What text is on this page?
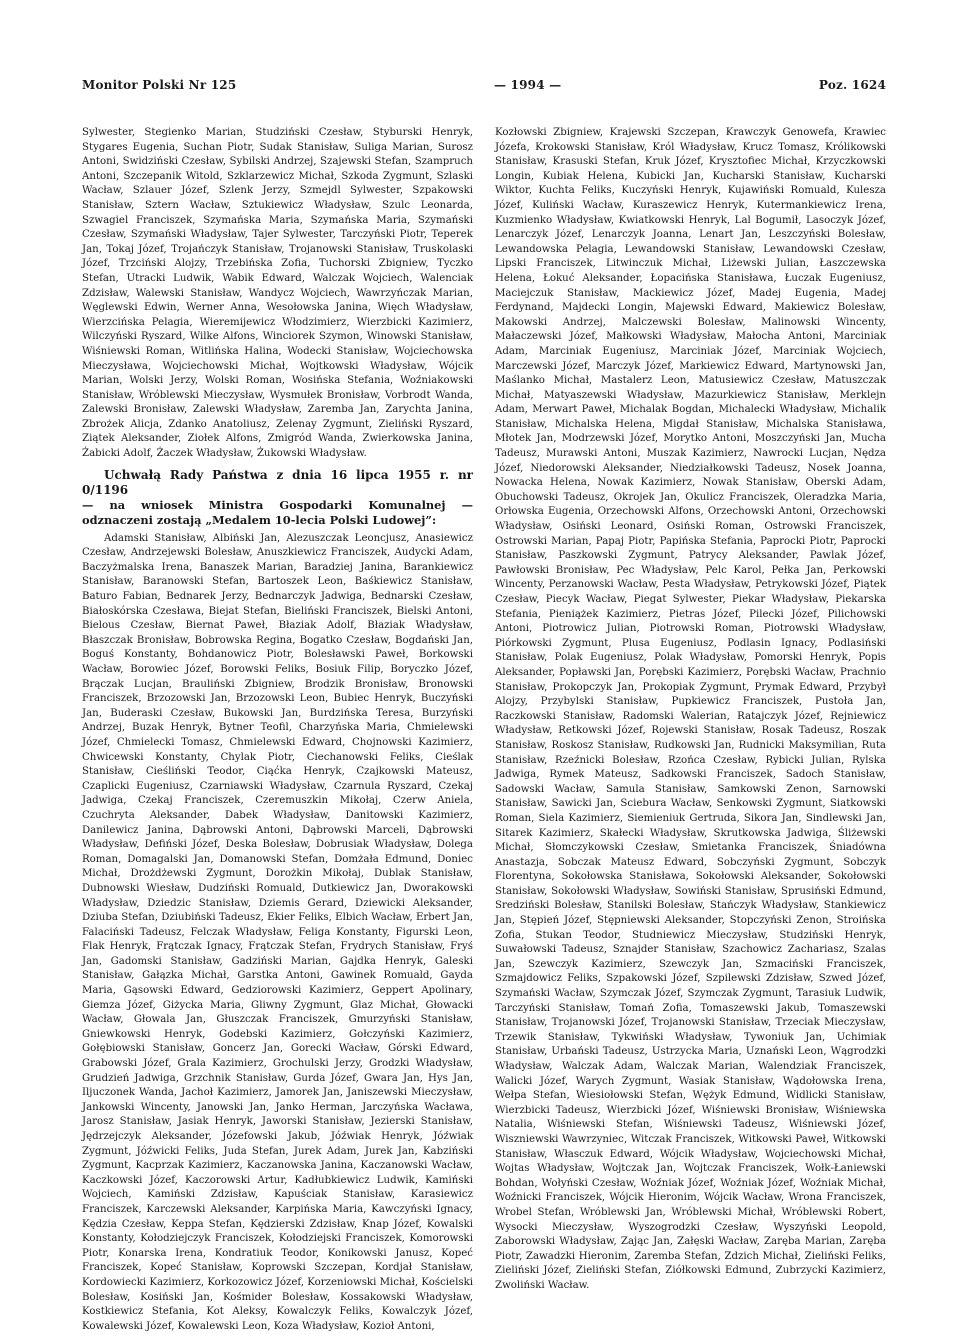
Monitor Polski Nr 125	— 1994 —	Poz. 1624

Sylwester, Stegienko Marian, Studziński Czesław, Styburski Henryk, Stygares Eugenia, Suchan Piotr, Sudak Stanisław, Suliga Marian, Surosz Antoni, Swidziński Czesław, Sybilski Andrzej, Szajewski Stefan, Szampruch Antoni, Szczepanik Witold, Szklarzewicz Michał, Szkoda Zygmunt, Szlaski Wacław, Szlauer Józef, Szlenk Jerzy, Szmejdl Sylwester, Szpakowski Stanisław, Sztern Wacław, Sztukiewicz Władysław, Szulc Leonarda, Szwagiel Franciszek, Szymańska Maria, Szymańska Maria, Szymański Czesław, Szymański Władysław, Tajer Sylwester, Tarczyński Piotr, Teperek Jan, Tokaj Józef, Trojańczyk Stanisław, Trojanowski Stanisław, Truskolaski Józef, Trzciński Alojzy, Trzebińska Zofia, Tuchorski Zbigniew, Tyczko Stefan, Utracki Ludwik, Wabik Edward, Walczak Wojciech, Walenciak Zdzisław, Walewski Stanisław, Wandycz Wojciech, Wawrzyńczak Marian, Węglewski Edwin, Werner Anna, Wesołowska Janina, Więch Władysław, Wierzcińska Pelagia, Wieremijewicz Włodzimierz, Wierzbicki Kazimierz, Wilczyński Ryszard, Wilke Alfons, Winciorek Szymon, Winowski Stanisław, Wiśniewski Roman, Witlińska Halina, Wodecki Stanisław, Wojciechowska Mieczysława, Wojciechowski Michał, Wojtkowski Władysław, Wójcik Marian, Wolski Jerzy, Wolski Roman, Wosińska Stefania, Woźniakowski Stanisław, Wróblewski Mieczysław, Wysmułek Bronisław, Vorbrodt Wanda, Zalewski Bronisław, Zalewski Władysław, Zaremba Jan, Zarychta Janina, Zbrożek Alicja, Zdanko Anatoliusz, Zelenay Zygmunt, Zieliński Ryszard, Ziątek Aleksander, Ziołek Alfons, Zmigród Wanda, Zwierkowska Janina, Żabicki Adolf, Żaczek Władysław, Żukowski Władysław.

Uchwałą Rady Państwa z dnia 16 lipca 1955 r. nr 0/1196
— na wniosek Ministra Gospodarki Komunalnej — odznaczeni zostają „Medalem 10-lecia Polski Ludowej”:

Adamski Stanisław, Albiński Jan, Alezuszczak Leoncjusz, Anasiewicz Czesław, Andrzejewski Bolesław, Anuszkiewicz Franciszek, Audycki Adam, Baczyżmalska Irena, Banaszek Marian, Baradziej Janina, Barankiewicz Stanisław, Baranowski Stefan, Bartoszek Leon, Baśkiewicz Stanisław, Baturo Fabian, Bednarek Jerzy, Bednarczyk Jadwiga, Bednarski Czesław, Białoskórska Czesława, Biejat Stefan, Bieliński Franciszek, Bielski Antoni, Bielous Czesław, Biernat Paweł, Błaziak Adolf, Błaziak Władysław, Błaszczak Bronisław, Bobrowska Regina, Bogatko Czesław, Bogdański Jan, Boguś Konstanty, Bohdanowicz Piotr, Bolesławski Paweł, Borkowski Wacław, Borowiec Józef, Borowski Feliks, Bosiuk Filip, Boryczko Józef, Brączak Lucjan, Brauliński Zbigniew, Brodzik Bronisław, Bronowski Franciszek, Brzozowski Jan, Brzozowski Leon, Bubiec Henryk, Buczyński Jan, Buderaski Czesław, Bukowski Jan, Burdzińska Teresa, Burzyński Andrzej, Buzak Henryk, Bytner Teofil, Charzyńska Maria, Chmielewski Józef, Chmielecki Tomasz, Chmielewski Edward, Chojnowski Kazimierz, Chwicewski Konstanty, Chylak Piotr, Ciechanowski Feliks, Cieślak Stanisław, Cieśliński Teodor, Ciąćka Henryk, Czajkowski Mateusz, Czaplicki Eugeniusz, Czarniawski Władysław, Czarnula Ryszard, Czekaj Jadwiga, Czekaj Franciszek, Czeremuszkin Mikołaj, Czerw Aniela, Czuchryta Aleksander, Dabek Władysław, Danitowski Kazimierz, Danilewicz Janina, Dąbrowski Antoni, Dąbrowski Marceli, Dąbrowski Władysław, Defiński Józef, Deska Bolesław, Dobrusiak Władysław, Dolega Roman, Domagalski Jan, Domanowski Stefan, Domżała Edmund, Doniec Michał, Drożdżewski Zygmunt, Dorożkin Mikołaj, Dublak Stanisław, Dubnowski Wiesław, Dudziński Romuald, Dutkiewicz Jan, Dworakowski Władysław, Dziedzic Stanisław, Dziemis Gerard, Dziewicki Aleksander, Dziuba Stefan, Dziubiński Tadeusz, Ekier Feliks, Elbich Wacław, Erbert Jan, Falaciński Tadeusz, Felczak Władysław, Feliga Konstanty, Figurski Leon, Flak Henryk, Frątczak Ignacy, Frątczak Stefan, Frydrych Stanisław, Fryś Jan, Gadomski Stanisław, Gadziński Marian, Gajdka Henryk, Galeski Stanisław, Gałązka Michał, Garstka Antoni, Gawinek Romuald, Gayda Maria, Gąsowski Edward, Gedziorowski Kazimierz, Geppert Apolinary, Giemza Józef, Giżycka Maria, Gliwny Zygmunt, Glaz Michał, Głowacki Wacław, Głowala Jan, Głuszczak Franciszek, Gmurzyński Stanisław, Gniewkowski Henryk, Godebski Kazimierz, Gołczyński Kazimierz, Gołębiowski Stanisław, Goncerz Jan, Gorecki Wacław, Górski Edward, Grabowski Józef, Grala Kazimierz, Grochulski Jerzy, Grodzki Władysław, Grudzień Jadwiga, Grzchnik Stanisław, Gurda Józef, Gwara Jan, Hys Jan, Iljuczonek Wanda, Jachoł Kazimierz, Jamorek Jan, Janiszewski Mieczysław, Jankowski Wincenty, Janowski Jan, Janko Herman, Jarczyńska Wacława, Jarosz Stanisław, Jasiak Henryk, Jaworski Stanisław, Jezierski Stanisław, Jędrzejczyk Aleksander, Józefowski Jakub, Jóźwiak Henryk, Jóźwiak Zygmunt, Jóźwicki Feliks, Juda Stefan, Jurek Adam, Jurek Jan, Kabziński Zygmunt, Kacprzak Kazimierz, Kaczanowska Janina, Kaczanowski Wacław, Kaczkowski Józef, Kaczorowski Artur, Kadłubkiewicz Ludwik, Kamiński Wojciech, Kamiński Zdzisław, Kapuściak Stanisław, Karasiewicz Franciszek, Karczewski Aleksander, Karpińska Maria, Kawczyński Ignacy, Kędzia Czesław, Keppa Stefan, Kędzierski Zdzisław, Knap Józef, Kowalski Konstanty, Kołodziejczyk Franciszek, Kołodziejski Franciszek, Komorowski Piotr, Konarska Irena, Kondratiuk Teodor, Konikowski Janusz, Kopeć Franciszek, Kopeć Stanisław, Koprowski Szczepan, Kordjał Stanisław, Kordowiecki Kazimierz, Korkozowicz Józef, Korzeniowski Michał, Kościelski Bolesław, Kosiński Jan, Kośmider Bolesław, Kossakowski Władysław, Kostkiewicz Stefania, Kot Aleksy, Kowalczyk Feliks, Kowalczyk Józef, Kowalewski Józef, Kowalewski Leon, Koza Władysław, Kozioł Antoni,

Kozłowski Zbigniew, Krajewski Szczepan, Krawczyk Genowefa, Krawiec Józefa, Krokowski Stanisław, Król Władysław, Krucz Tomasz, Królikowski Stanisław, Krasuski Stefan, Kruk Józef, Krysztofiec Michał, Krzyczkowski Longin, Kubiak Helena, Kubicki Jan, Kucharski Stanisław, Kucharski Wiktor, Kuchta Feliks, Kuczyński Henryk, Kujawiński Romuald, Kulesza Józef, Kuliński Wacław, Kuraszewicz Henryk, Kutermankiewicz Irena, Kuzmienko Władysław, Kwiatkowski Henryk, Lal Bogumił, Lasoczyk Józef, Lenarczyk Józef, Lenarczyk Joanna, Lenart Jan, Leszczyński Bolesław, Lewandowska Pelagia, Lewandowski Stanisław, Lewandowski Czesław, Lipski Franciszek, Litwinczuk Michał, Liżewski Julian, Łaszczewska Helena, Łokuć Aleksander, Łopacińska Stanisława, Łuczak Eugeniusz, Maciejczuk Stanisław, Mackiewicz Józef, Madej Eugenia, Madej Ferdynand, Majdecki Longin, Majewski Edward, Makiewicz Bolesław, Makowski Andrzej, Malczewski Bolesław, Malinowski Wincenty, Małaczewski Józef, Małkowski Władysław, Małocha Antoni, Marciniak Adam, Marciniak Eugeniusz, Marciniak Józef, Marciniak Wojciech, Marczewski Józef, Marczyk Józef, Markiewicz Edward, Martynowski Jan, Maślanko Michał, Mastalerz Leon, Matusiewicz Czesław, Matuszczak Michał, Matyaszewski Władysław, Mazurkiewicz Stanisław, Merklejn Adam, Merwart Paweł, Michalak Bogdan, Michalecki Władysław, Michalik Stanisław, Michalska Helena, Migdał Stanisław, Michalska Stanisława, Młotek Jan, Modrzewski Józef, Morytko Antoni, Moszczyński Jan, Mucha Tadeusz, Murawski Antoni, Muszak Kazimierz, Nawrocki Lucjan, Nędza Józef, Niedorowski Aleksander, Niedziałkowski Tadeusz, Nosek Joanna, Nowacka Helena, Nowak Kazimierz, Nowak Stanisław, Oberski Adam, Obuchowski Tadeusz, Okrojek Jan, Okulicz Franciszek, Oleradzka Maria, Orłowska Eugenia, Orzechowski Alfons, Orzechowski Antoni, Orzechowski Władysław, Osiński Leonard, Osiński Roman, Ostrowski Franciszek, Ostrowski Marian, Papaj Piotr, Papińska Stefania, Paprocki Piotr, Paprocki Stanisław, Paszkowski Zygmunt, Patrycy Aleksander, Pawlak Józef, Pawłowski Bronisław, Pec Władysław, Pelc Karol, Pełka Jan, Perkowski Wincenty, Perzanowski Wacław, Pesta Władysław, Petrykowski Józef, Piątek Czesław, Piecyk Wacław, Piegat Sylwester, Piekar Władysław, Piekarska Stefania, Pieniążek Kazimierz, Pietras Józef, Pilecki Józef, Pilichowski Antoni, Piotrowicz Julian, Piotrowski Roman, Piotrowski Władysław, Piórkowski Zygmunt, Plusa Eugeniusz, Podlasin Ignacy, Podlasiński Stanisław, Polak Eugeniusz, Polak Władysław, Pomorski Henryk, Popis Aleksander, Popławski Jan, Porębski Kazimierz, Porębski Wacław, Prachnio Stanisław, Prokopczyk Jan, Prokopiak Zygmunt, Prymak Edward, Przybył Alojzy, Przybylski Stanisław, Pupkiewicz Franciszek, Pustoła Jan, Raczkowski Stanisław, Radomski Walerian, Ratajczyk Józef, Rejniewicz Władysław, Retkowski Józef, Rojewski Stanisław, Rosak Tadeusz, Roszak Stanisław, Roskosz Stanisław, Rudkowski Jan, Rudnicki Maksymilian, Ruta Stanisław, Rzeźnicki Bolesław, Rzońca Czesław, Rybicki Julian, Rylska Jadwiga, Rymek Mateusz, Sadkowski Franciszek, Sadoch Stanisław, Sadowski Wacław, Samula Stanisław, Samkowski Zenon, Sarnowski Stanisław, Sawicki Jan, Sciebura Wacław, Senkowski Zygmunt, Siatkowski Roman, Siela Kazimierz, Siemieniuk Gertruda, Sikora Jan, Sindlewski Jan, Sitarek Kazimierz, Skałecki Władysław, Skrutkowska Jadwiga, Śliżewski Michał, Słomczykowski Czesław, Smietanka Franciszek, Śniadówna Anastazja, Sobczak Mateusz Edward, Sobczyński Zygmunt, Sobczyk Florentyna, Sokołowska Stanisława, Sokołowski Aleksander, Sokołowski Stanisław, Sokołowski Władysław, Sowiński Stanisław, Sprusiński Edmund, Sredziński Bolesław, Stanilski Bolesław, Stańczyk Władysław, Stankiewicz Jan, Stępień Józef, Stępniewski Aleksander, Stopczyński Zenon, Stroińska Zofia, Stukan Teodor, Studniewicz Mieczysław, Studziński Henryk, Suwałowski Tadeusz, Sznajder Stanisław, Szachowicz Zachariasz, Szalas Jan, Szewczyk Kazimierz, Szewczyk Jan, Szmaciński Franciszek, Szmajdowicz Feliks, Szpakowski Józef, Szpilewski Zdzisław, Szwed Józef, Szymański Wacław, Szymczak Józef, Szymczak Zygmunt, Tarasiuk Ludwik, Tarczyński Stanisław, Tomań Zofia, Tomaszewski Jakub, Tomaszewski Stanisław, Trojanowski Józef, Trojanowski Stanisław, Trzeciak Mieczysław, Trzewik Stanisław, Tykwiński Władysław, Tywoniuk Jan, Uchimiak Stanisław, Urbański Tadeusz, Ustrzycka Maria, Uznański Leon, Wągrodzki Władysław, Walczak Adam, Walczak Marian, Walendziak Franciszek, Walicki Józef, Warych Zygmunt, Wasiak Stanisław, Wądołowska Irena, Wełpa Stefan, Wiesiołowski Stefan, Wężyk Edmund, Widlicki Stanisław, Wierzbicki Tadeusz, Wierzbicki Józef, Wiśniewski Bronisław, Wiśniewska Natalia, Wiśniewski Stefan, Wiśniewski Tadeusz, Wiśniewski Józef, Wiszniewski Wawrzyniec, Witczak Franciszek, Witkowski Paweł, Witkowski Stanisław, Własczuk Edward, Wójcik Władysław, Wojciechowski Michał, Wojtas Władysław, Wojtczak Jan, Wojtczak Franciszek, Wołk-Łaniewski Bohdan, Wołyński Czesław, Woźniak Józef, Woźniak Józef, Woźniak Michał, Woźnicki Franciszek, Wójcik Hieronim, Wójcik Wacław, Wrona Franciszek, Wrobel Stefan, Wróblewski Jan, Wróblewski Michał, Wróblewski Robert, Wysocki Mieczysław, Wyszogrodzki Czesław, Wyszyński Leopold, Zaborowski Władysław, Zając Jan, Załęski Wacław, Zaręba Marian, Zaręba Piotr, Zawadzki Hieronim, Zaremba Stefan, Zdzich Michał, Zieliński Feliks, Zieliński Józef, Zieliński Stefan, Ziółkowski Edmund, Zubrzycki Kazimierz, Zwoliński Wacław.
